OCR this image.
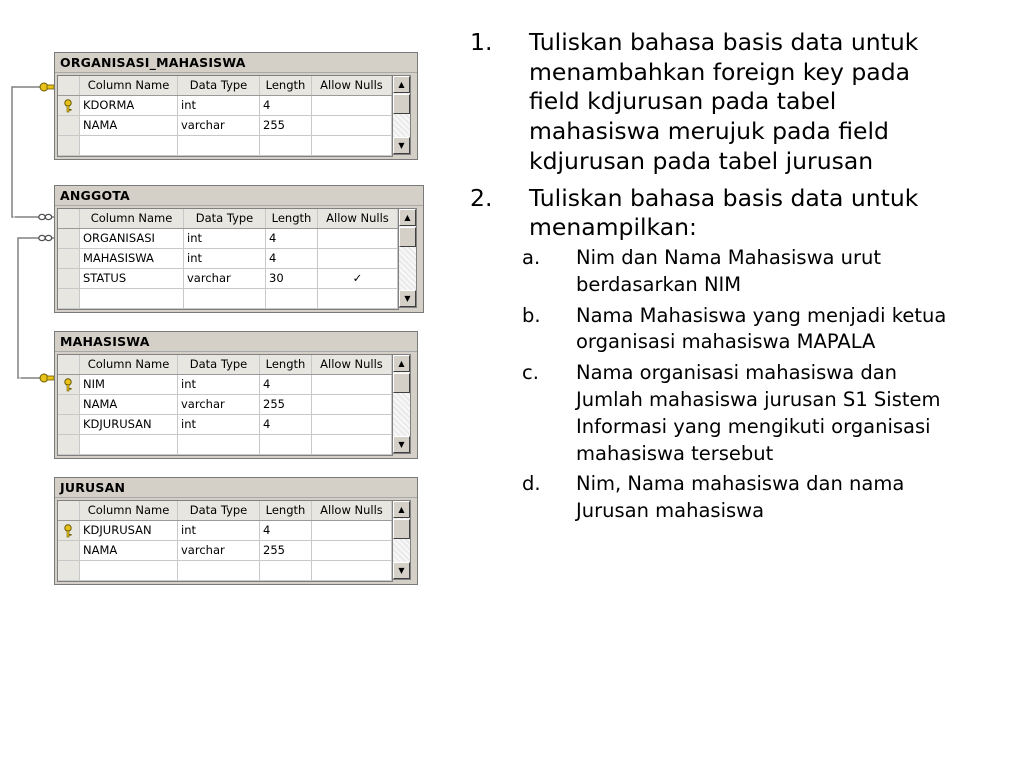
ORGANISASI_MAHASISWA
Column Name	Data Type	Length	Allow Nulls
KDORMA	int	4
NAMA	varchar	255
▲
▼
ANGGOTA
Column Name	Data Type	Length	Allow Nulls
ORGANISASI	int	4
MAHASISWA	int	4
STATUS	varchar	30	✓
▲
▼
MAHASISWA
Column Name	Data Type	Length	Allow Nulls
NIM	int	4
NAMA	varchar	255
KDJURUSAN	int	4
▲
▼
JURUSAN
Column Name	Data Type	Length	Allow Nulls
KDJURUSAN	int	4
NAMA	varchar	255
▲
▼
1.	Tuliskan bahasa basis data untuk menambahkan foreign key pada field kdjurusan pada tabel mahasiswa merujuk pada field kdjurusan pada tabel jurusan
2.	Tuliskan bahasa basis data untuk menampilkan:
a.	Nim dan Nama Mahasiswa urut berdasarkan NIM
b.	Nama Mahasiswa yang menjadi ketua organisasi mahasiswa MAPALA
c.	Nama organisasi mahasiswa dan Jumlah mahasiswa jurusan S1 Sistem Informasi yang mengikuti organisasi mahasiswa tersebut
d.	Nim, Nama mahasiswa dan nama Jurusan mahasiswa
